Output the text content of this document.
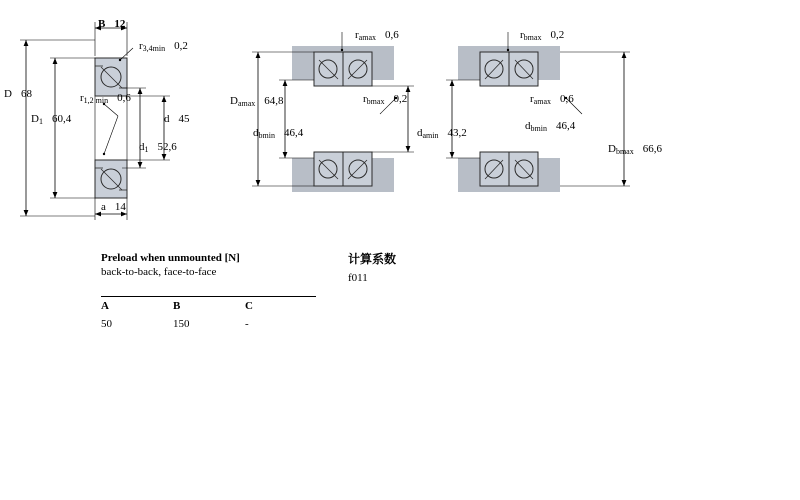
B 12
r3,4min 0,2
D 68	r1,2 min 0,6
D1 60,4	d 45
d1 52,6
a 14
ramax 0,6
Damax 64,8	rbmax 0,2
dbmin 46,4	damin 43,2
rbmax 0,2
ramax 0,6
dbmin 46,4
Dbmax 66,6
Preload when unmounted [N]
back-to-back, face-to-face
A	B	C
50	150	-
计算系数
f011
